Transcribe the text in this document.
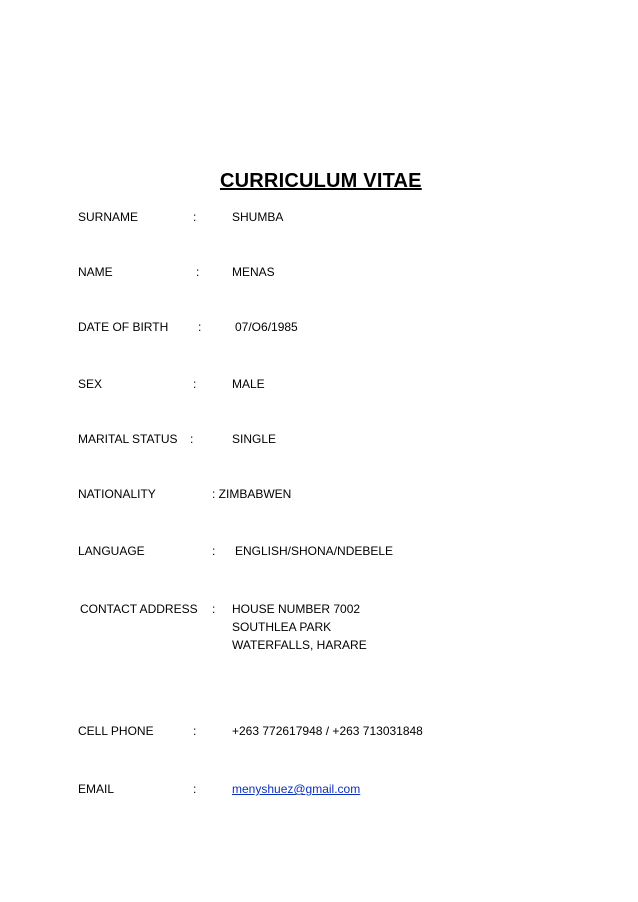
CURRICULUM VITAE
SURNAME	:	SHUMBA
NAME	:	MENAS
DATE OF BIRTH :	07/O6/1985
SEX	:	MALE
MARITAL STATUS :	SINGLE
NATIONALITY	: ZIMBABWEN
LANGUAGE	: ENGLISH/SHONA/NDEBELE
CONTACT ADDRESS : HOUSE NUMBER 7002
SOUTHLEA PARK
WATERFALLS, HARARE
CELL PHONE	:	+263 772617948 / +263 713031848
EMAIL	:	menyshuez@gmail.com
